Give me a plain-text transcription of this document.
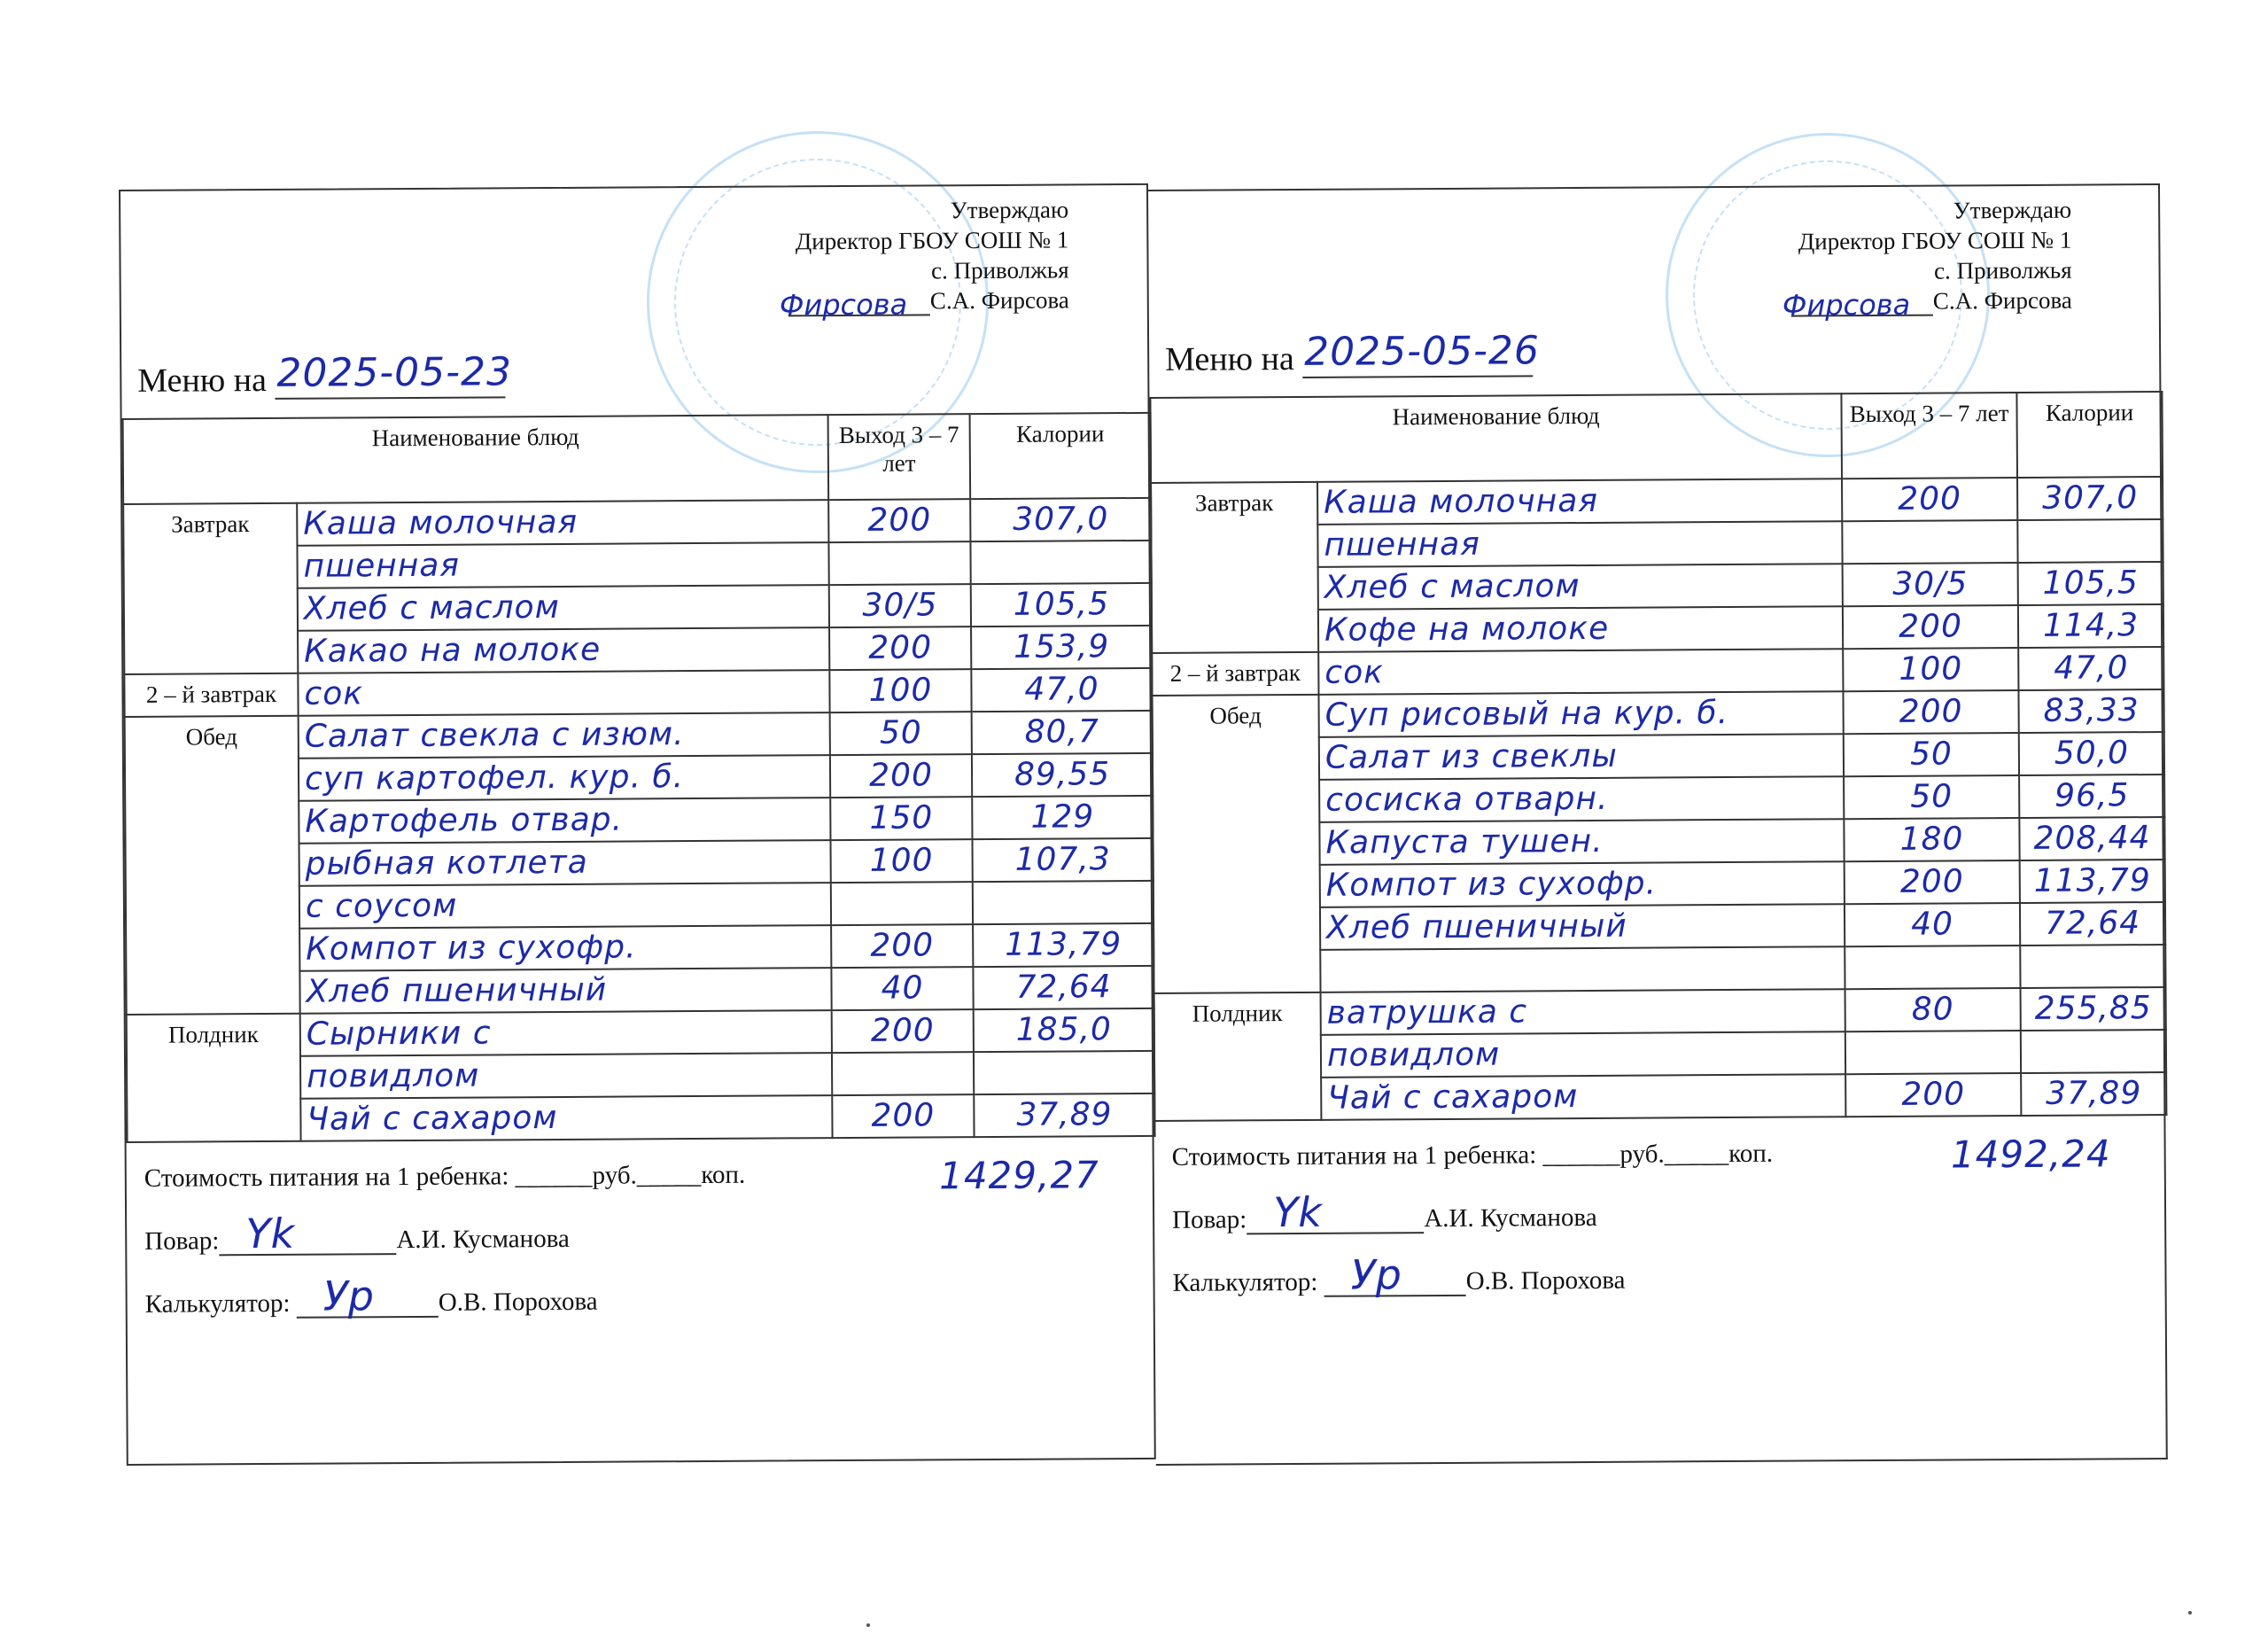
Утверждаю
Директор ГБОУ СОШ № 1
с. Приволжья
Фирсова С.А. Фирсова
Меню на 2025-05-23
Наименование блюд		Выход 3 – 7 лет	Калории
Завтрак	Каша молочная	200	307,0
	пшенная		
	Хлеб с маслом	30/5	105,5
	Какао на молоке	200	153,9
2 – й завтрак	сок	100	47,0
Обед	Салат свекла с изюм.	50	80,7
	суп картофел. кур. б.	200	89,55
	Картофель отвар.	150	129
	рыбная котлета	100	107,3
	с соусом		
	Компот из сухофр.	200	113,79
	Хлеб пшеничный	40	72,64
Полдник	Сырники с	200	185,0
	повидлом		
	Чай с сахаром	200	37,89

Стоимость питания на 1 ребенка: ______руб._____коп.	1429,27

Повар: Yk	А.И. Кусманова

Калькулятор: Ур	О.В. Порохова

Утверждаю
Директор ГБОУ СОШ № 1
с. Приволжья
Фирсова С.А. Фирсова
Меню на 2025-05-26
Наименование блюд		Выход 3 – 7 лет	Калории
Завтрак	Каша молочная	200	307,0
	пшенная		
	Хлеб с маслом	30/5	105,5
	Кофе на молоке	200	114,3
2 – й завтрак	сок	100	47,0
Обед	Суп рисовый на кур. б.	200	83,33
	Салат из свеклы	50	50,0
	сосиска отварн.	50	96,5
	Капуста тушен.	180	208,44
	Компот из сухофр.	200	113,79
	Хлеб пшеничный	40	72,64

Полдник	ватрушка с	80	255,85
	повидлом		
	Чай с сахаром	200	37,89

Стоимость питания на 1 ребенка: ______руб._____коп.	1492,24

Повар: Yk	А.И. Кусманова

Калькулятор: Ур	О.В. Порохова
